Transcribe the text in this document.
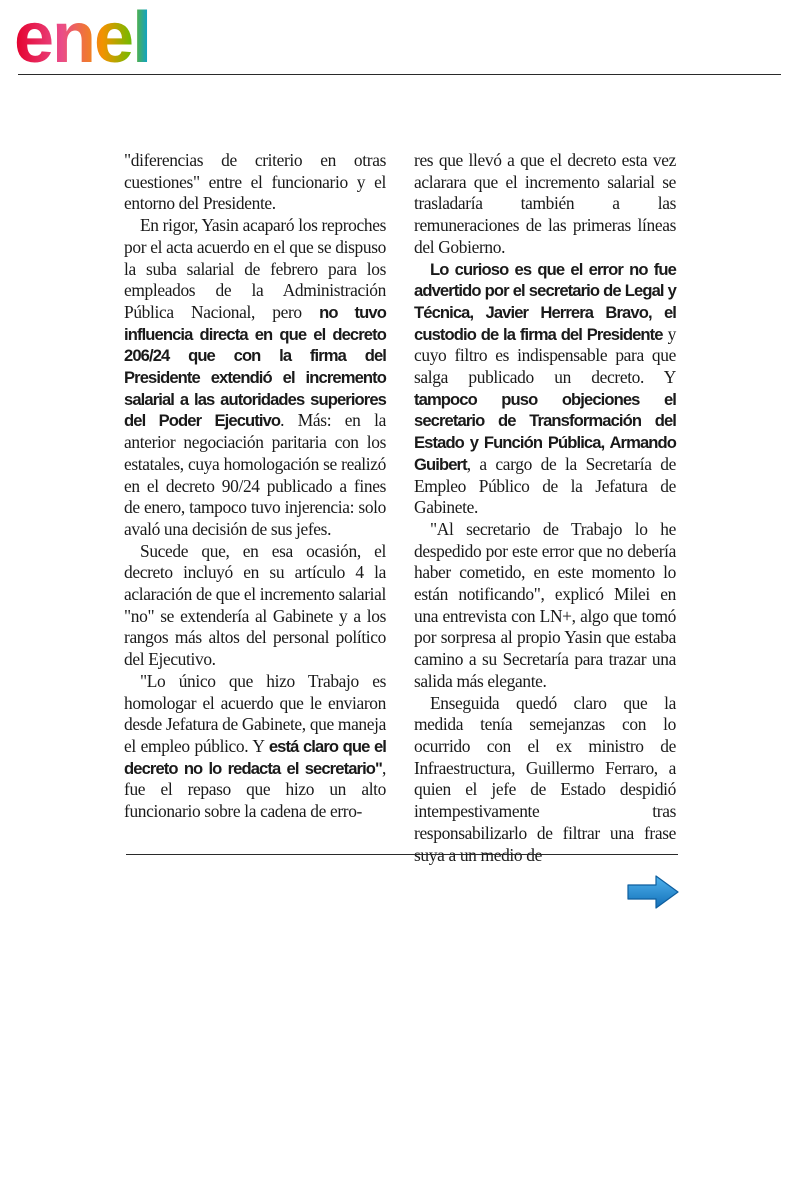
enel

"diferencias de criterio en otras cuestiones" entre el funcionario y el entorno del Presidente.

En rigor, Yasin acaparó los reproches por el acta acuerdo en el que se dispuso la suba salarial de febrero para los empleados de la Administración Pública Nacional, pero no tuvo influencia directa en que el decreto 206/24 que con la firma del Presidente extendió el incremento salarial a las autoridades superiores del Poder Ejecutivo. Más: en la anterior negociación paritaria con los estatales, cuya homologación se realizó en el decreto 90/24 publicado a fines de enero, tampoco tuvo injerencia: solo avaló una decisión de sus jefes.

Sucede que, en esa ocasión, el decreto incluyó en su artículo 4 la aclaración de que el incremento salarial "no" se extendería al Gabinete y a los rangos más altos del personal político del Ejecutivo.

"Lo único que hizo Trabajo es homologar el acuerdo que le enviaron desde Jefatura de Gabinete, que maneja el empleo público. Y está claro que el decreto no lo redacta el secretario", fue el repaso que hizo un alto funcionario sobre la cadena de erro-

res que llevó a que el decreto esta vez aclarara que el incremento salarial se trasladaría también a las remuneraciones de las primeras líneas del Gobierno.

Lo curioso es que el error no fue advertido por el secretario de Legal y Técnica, Javier Herrera Bravo, el custodio de la firma del Presidente y cuyo filtro es indispensable para que salga publicado un decreto. Y tampoco puso objeciones el secretario de Transformación del Estado y Función Pública, Armando Guibert, a cargo de la Secretaría de Empleo Público de la Jefatura de Gabinete.

"Al secretario de Trabajo lo he despedido por este error que no debería haber cometido, en este momento lo están notificando", explicó Milei en una entrevista con LN+, algo que tomó por sorpresa al propio Yasin que estaba camino a su Secretaría para trazar una salida más elegante.

Enseguida quedó claro que la medida tenía semejanzas con lo ocurrido con el ex ministro de Infraestructura, Guillermo Ferraro, a quien el jefe de Estado despidió intempestivamente tras responsabilizarlo de filtrar una frase suya a un medio de
